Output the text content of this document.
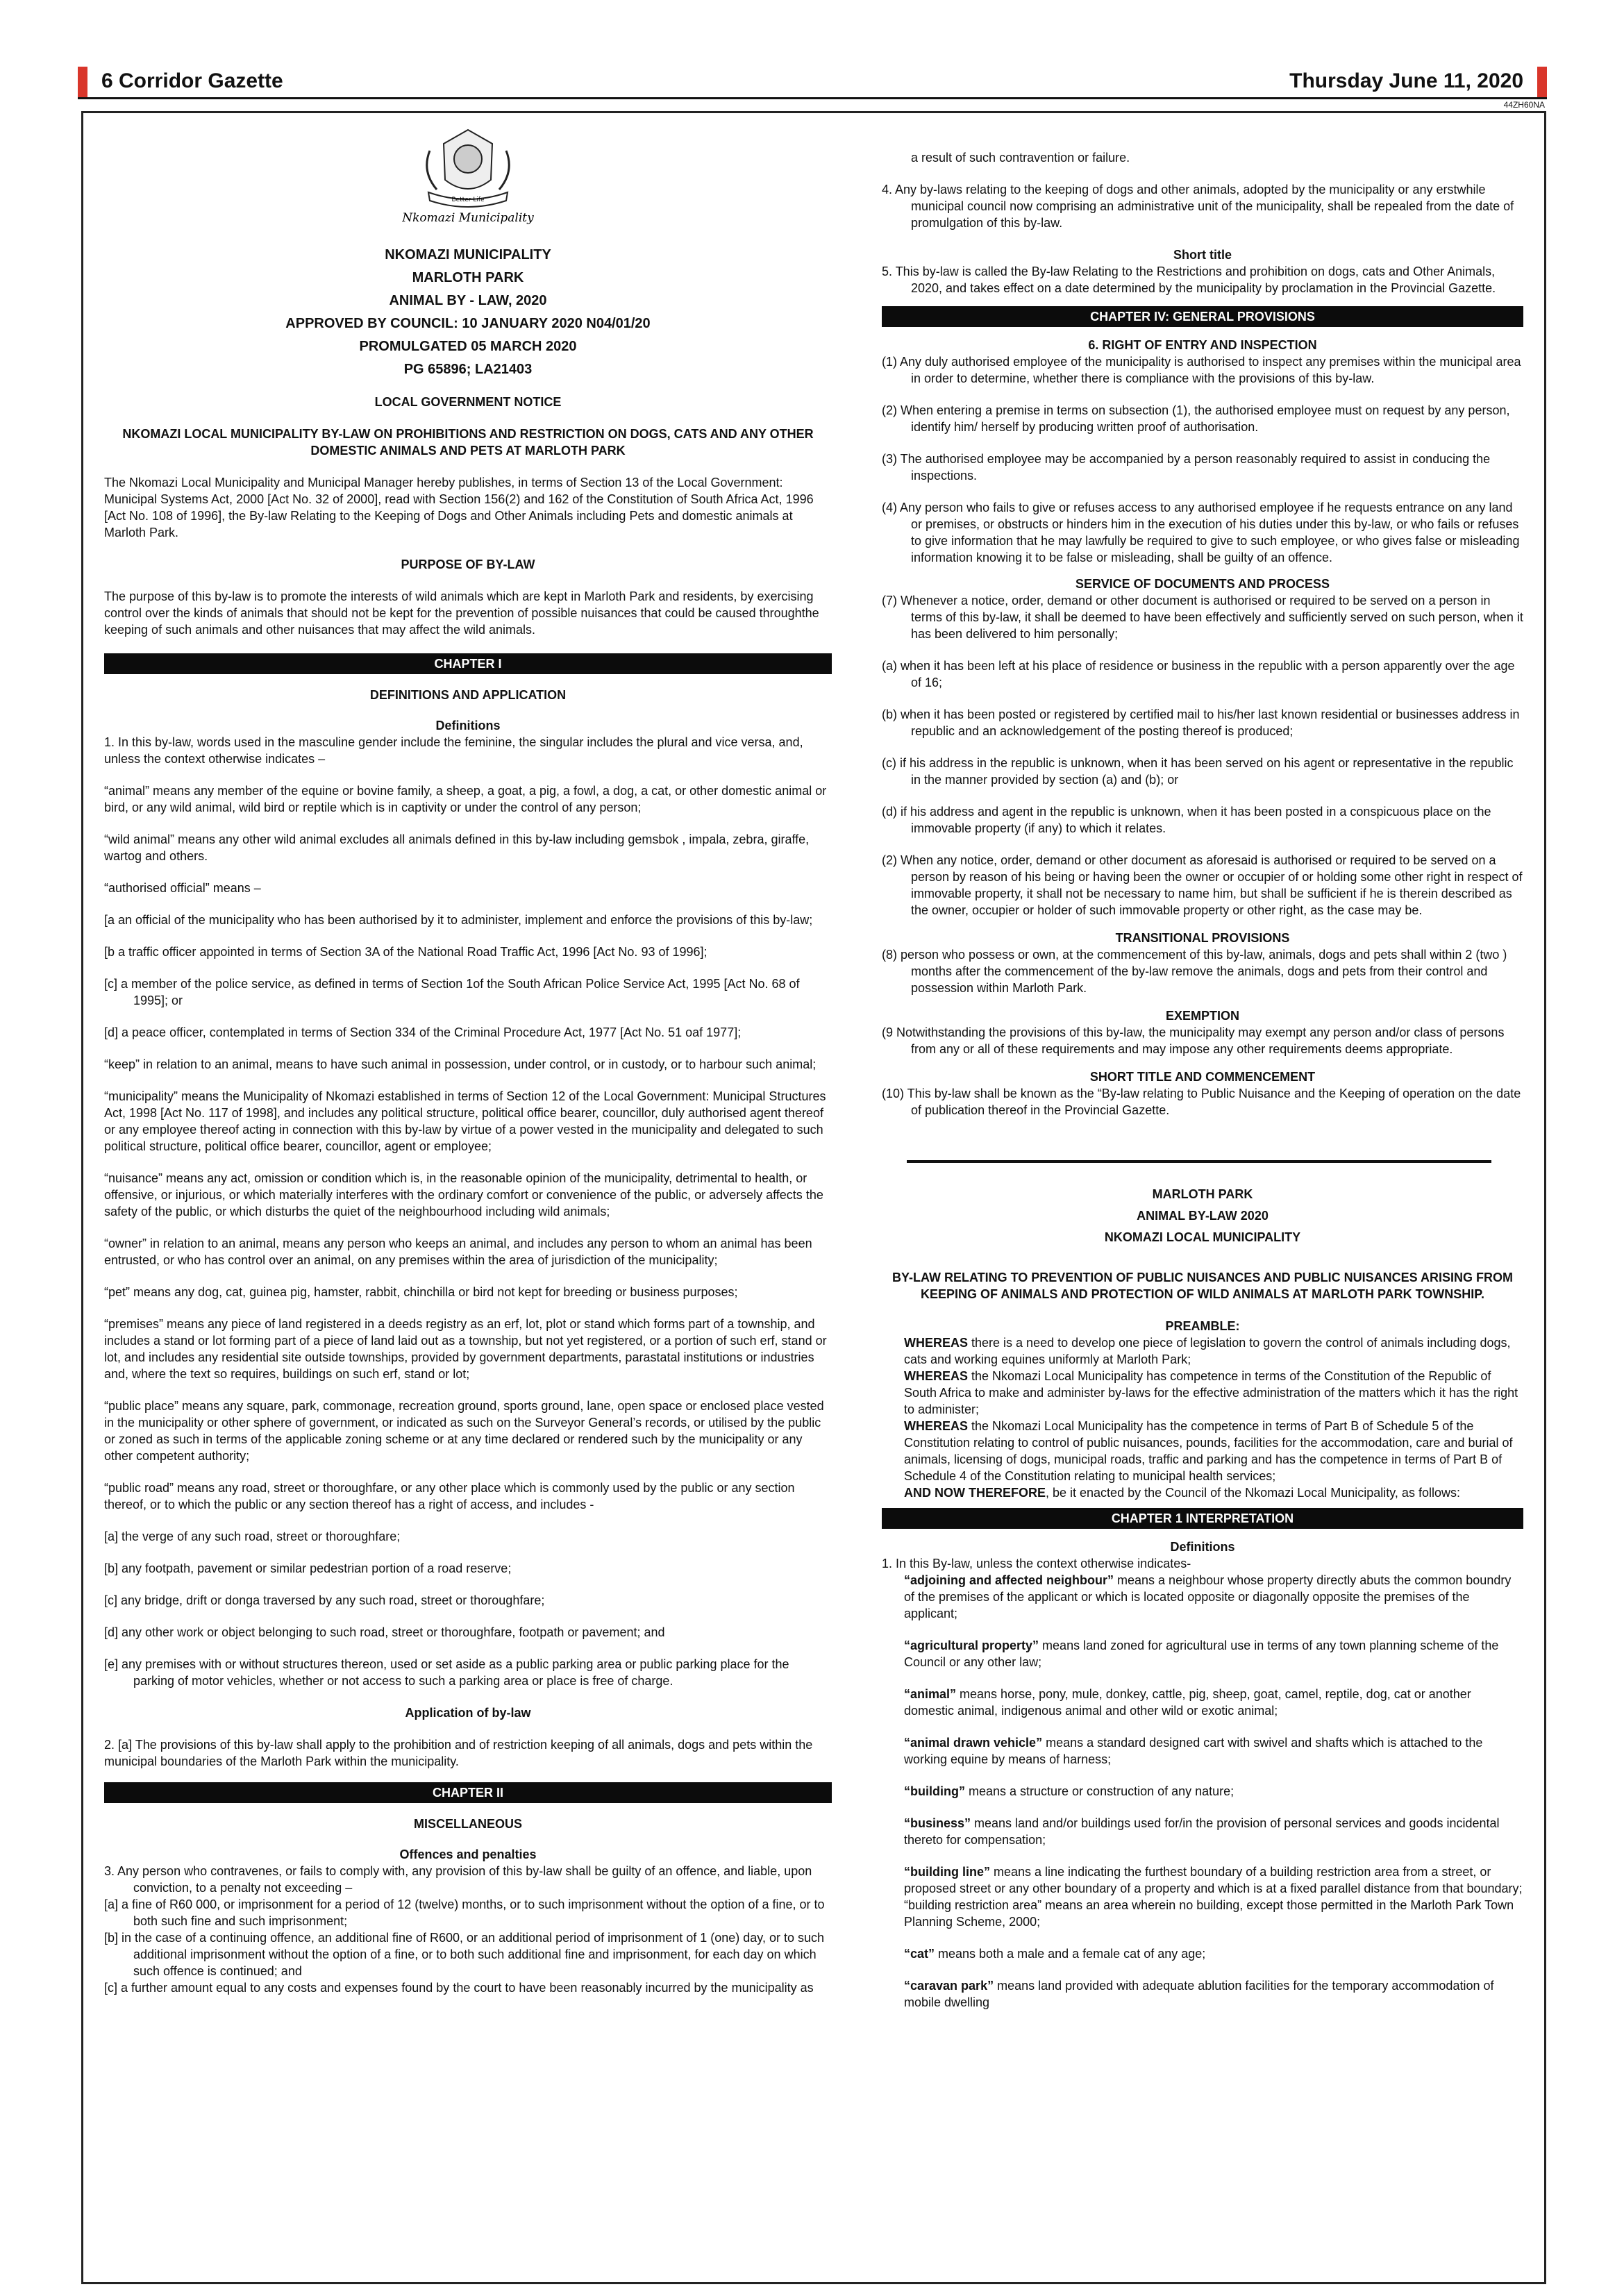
6 Corridor Gazette	Thursday June 11, 2020
44ZH60NA
Better Life
Nkomazi Municipality

NKOMAZI MUNICIPALITY

MARLOTH PARK

ANIMAL BY - LAW, 2020

APPROVED BY COUNCIL: 10 JANUARY 2020 N04/01/20

PROMULGATED 05 MARCH 2020

PG 65896; LA21403

LOCAL GOVERNMENT NOTICE

NKOMAZI LOCAL MUNICIPALITY BY-LAW ON PROHIBITIONS AND RESTRICTION ON DOGS, CATS AND ANY OTHER DOMESTIC ANIMALS AND PETS AT MARLOTH PARK

The Nkomazi Local Municipality and Municipal Manager hereby publishes, in terms of Section 13 of the Local Government: Municipal Systems Act, 2000 [Act No. 32 of 2000], read with Section 156(2) and 162 of the Constitution of South Africa Act, 1996 [Act No. 108 of 1996], the By-law Relating to the Keeping of Dogs and Other Animals including Pets and domestic animals at Marloth Park.

PURPOSE OF BY-LAW

The purpose of this by-law is to promote the interests of wild animals which are kept in Marloth Park and residents, by exercising control over the kinds of animals that should not be kept for the prevention of possible nuisances that could be caused throughthe keeping of such animals and other nuisances that may affect the wild animals.

CHAPTER I

DEFINITIONS AND APPLICATION

Definitions

1. In this by-law, words used in the masculine gender include the feminine, the singular includes the plural and vice versa, and, unless the context otherwise indicates –

“animal” means any member of the equine or bovine family, a sheep, a goat, a pig, a fowl, a dog, a cat, or other domestic animal or bird, or any wild animal, wild bird or reptile which is in captivity or under the control of any person;

“wild animal” means any other wild animal excludes all animals defined in this by-law including gemsbok , impala, zebra, giraffe, wartog and others.

“authorised official” means –

[a an official of the municipality who has been authorised by it to administer, implement and enforce the provisions of this by-law;

[b a traffic officer appointed in terms of Section 3A of the National Road Traffic Act, 1996 [Act No. 93 of 1996];

[c] a member of the police service, as defined in terms of Section 1of the South African Police Service Act, 1995 [Act No. 68 of 1995]; or

[d] a peace officer, contemplated in terms of Section 334 of the Criminal Procedure Act, 1977 [Act No. 51 oaf 1977];

“keep” in relation to an animal, means to have such animal in possession, under control, or in custody, or to harbour such animal;

“municipality” means the Municipality of Nkomazi established in terms of Section 12 of the Local Government: Municipal Structures Act, 1998 [Act No. 117 of 1998], and includes any political structure, political office bearer, councillor, duly authorised agent thereof or any employee thereof acting in connection with this by-law by virtue of a power vested in the municipality and delegated to such political structure, political office bearer, councillor, agent or employee;

“nuisance” means any act, omission or condition which is, in the reasonable opinion of the municipality, detrimental to health, or offensive, or injurious, or which materially interferes with the ordinary comfort or convenience of the public, or adversely affects the safety of the public, or which disturbs the quiet of the neighbourhood including wild animals;

“owner” in relation to an animal, means any person who keeps an animal, and includes any person to whom an animal has been entrusted, or who has control over an animal, on any premises within the area of jurisdiction of the municipality;

“pet” means any dog, cat, guinea pig, hamster, rabbit, chinchilla or bird not kept for breeding or business purposes;

“premises” means any piece of land registered in a deeds registry as an erf, lot, plot or stand which forms part of a township, and includes a stand or lot forming part of a piece of land laid out as a township, but not yet registered, or a portion of such erf, stand or lot, and includes any residential site outside townships, provided by government departments, parastatal institutions or industries and, where the text so requires, buildings on such erf, stand or lot;

“public place” means any square, park, commonage, recreation ground, sports ground, lane, open space or enclosed place vested in the municipality or other sphere of government, or indicated as such on the Surveyor General’s records, or utilised by the public or zoned as such in terms of the applicable zoning scheme or at any time declared or rendered such by the municipality or any other competent authority;

“public road” means any road, street or thoroughfare, or any other place which is commonly used by the public or any section thereof, or to which the public or any section thereof has a right of access, and includes -

[a] the verge of any such road, street or thoroughfare;

[b] any footpath, pavement or similar pedestrian portion of a road reserve;

[c] any bridge, drift or donga traversed by any such road, street or thoroughfare;

[d] any other work or object belonging to such road, street or thoroughfare, footpath or pavement; and

[e] any premises with or without structures thereon, used or set aside as a public parking area or public parking place for the parking of motor vehicles, whether or not access to such a parking area or place is free of charge.

Application of by-law

2. [a] The provisions of this by-law shall apply to the prohibition and of restriction keeping of all animals, dogs and pets within the municipal boundaries of the Marloth Park within the municipality.

CHAPTER II

MISCELLANEOUS

Offences and penalties

3. Any person who contravenes, or fails to comply with, any provision of this by-law shall be guilty of an offence, and liable, upon conviction, to a penalty not exceeding –

[a] a fine of R60 000, or imprisonment for a period of 12 (twelve) months, or to such imprisonment without the option of a fine, or to both such fine and such imprisonment;

[b] in the case of a continuing offence, an additional fine of R600, or an additional period of imprisonment of 1 (one) day, or to such additional imprisonment without the option of a fine, or to both such additional fine and imprisonment, for each day on which such offence is continued; and

[c] a further amount equal to any costs and expenses found by the court to have been reasonably incurred by the municipality as

a result of such contravention or failure.

4. Any by-laws relating to the keeping of dogs and other animals, adopted by the municipality or any erstwhile municipal council now comprising an administrative unit of the municipality, shall be repealed from the date of promulgation of this by-law.

Short title

5. This by-law is called the By-law Relating to the Restrictions and prohibition on dogs, cats and Other Animals, 2020, and takes effect on a date determined by the municipality by proclamation in the Provincial Gazette.

CHAPTER IV: GENERAL PROVISIONS

6. RIGHT OF ENTRY AND INSPECTION

(1) Any duly authorised employee of the municipality is authorised to inspect any premises within the municipal area in order to determine, whether there is compliance with the provisions of this by-law.

(2) When entering a premise in terms on subsection (1), the authorised employee must on request by any person, identify him/ herself by producing written proof of authorisation.

(3) The authorised employee may be accompanied by a person reasonably required to assist in conducing the inspections.

(4) Any person who fails to give or refuses access to any authorised employee if he requests entrance on any land or premises, or obstructs or hinders him in the execution of his duties under this by-law, or who fails or refuses to give information that he may lawfully be required to give to such employee, or who gives false or misleading information knowing it to be false or misleading, shall be guilty of an offence.

SERVICE OF DOCUMENTS AND PROCESS

(7) Whenever a notice, order, demand or other document is authorised or required to be served on a person in terms of this by-law, it shall be deemed to have been effectively and sufficiently served on such person, when it has been delivered to him personally;

(a) when it has been left at his place of residence or business in the republic with a person apparently over the age of 16;

(b) when it has been posted or registered by certified mail to his/her last known residential or businesses address in republic and an acknowledgement of the posting thereof is produced;

(c) if his address in the republic is unknown, when it has been served on his agent or representative in the republic in the manner provided by section (a) and (b); or

(d) if his address and agent in the republic is unknown, when it has been posted in a conspicuous place on the immovable property (if any) to which it relates.

(2) When any notice, order, demand or other document as aforesaid is authorised or required to be served on a person by reason of his being or having been the owner or occupier of or holding some other right in respect of immovable property, it shall not be necessary to name him, but shall be sufficient if he is therein described as the owner, occupier or holder of such immovable property or other right, as the case may be.

TRANSITIONAL PROVISIONS

(8) person who possess or own, at the commencement of this by-law, animals, dogs and pets shall within 2 (two ) months after the commencement of the by-law remove the animals, dogs and pets from their control and possession within Marloth Park.

EXEMPTION

(9 Notwithstanding the provisions of this by-law, the municipality may exempt any person and/or class of persons from any or all of these requirements and may impose any other requirements deems appropriate.

SHORT TITLE AND COMMENCEMENT

(10) This by-law shall be known as the “By-law relating to Public Nuisance and the Keeping of operation on the date of publication thereof in the Provincial Gazette.

MARLOTH PARK

ANIMAL BY-LAW 2020

NKOMAZI LOCAL MUNICIPALITY

BY-LAW RELATING TO PREVENTION OF PUBLIC NUISANCES AND PUBLIC NUISANCES ARISING FROM KEEPING OF ANIMALS AND PROTECTION OF WILD ANIMALS AT MARLOTH PARK TOWNSHIP.

PREAMBLE:

WHEREAS there is a need to develop one piece of legislation to govern the control of animals including dogs, cats and working equines uniformly at Marloth Park;

WHEREAS the Nkomazi Local Municipality has competence in terms of the Constitution of the Republic of South Africa to make and administer by-laws for the effective administration of the matters which it has the right to administer;

WHEREAS the Nkomazi Local Municipality has the competence in terms of Part B of Schedule 5 of the Constitution relating to control of public nuisances, pounds, facilities for the accommodation, care and burial of animals, licensing of dogs, municipal roads, traffic and parking and has the competence in terms of Part B of Schedule 4 of the Constitution relating to municipal health services;

AND NOW THEREFORE, be it enacted by the Council of the Nkomazi Local Municipality, as follows:

CHAPTER 1 INTERPRETATION

Definitions

1. In this By-law, unless the context otherwise indicates-

“adjoining and affected neighbour” means a neighbour whose property directly abuts the common boundry of the premises of the applicant or which is located opposite or diagonally opposite the premises of the applicant;

“agricultural property” means land zoned for agricultural use in terms of any town planning scheme of the Council or any other law;

“animal” means horse, pony, mule, donkey, cattle, pig, sheep, goat, camel, reptile, dog, cat or another domestic animal, indigenous animal and other wild or exotic animal;

“animal drawn vehicle” means a standard designed cart with swivel and shafts which is attached to the working equine by means of harness;

“building” means a structure or construction of any nature;

“business” means land and/or buildings used for/in the provision of personal services and goods incidental thereto for compensation;

“building line” means a line indicating the furthest boundary of a building restriction area from a street, or proposed street or any other boundary of a property and which is at a fixed parallel distance from that boundary;

“building restriction area” means an area wherein no building, except those permitted in the Marloth Park Town Planning Scheme, 2000;

“cat” means both a male and a female cat of any age;

“caravan park” means land provided with adequate ablution facilities for the temporary accommodation of mobile dwelling
